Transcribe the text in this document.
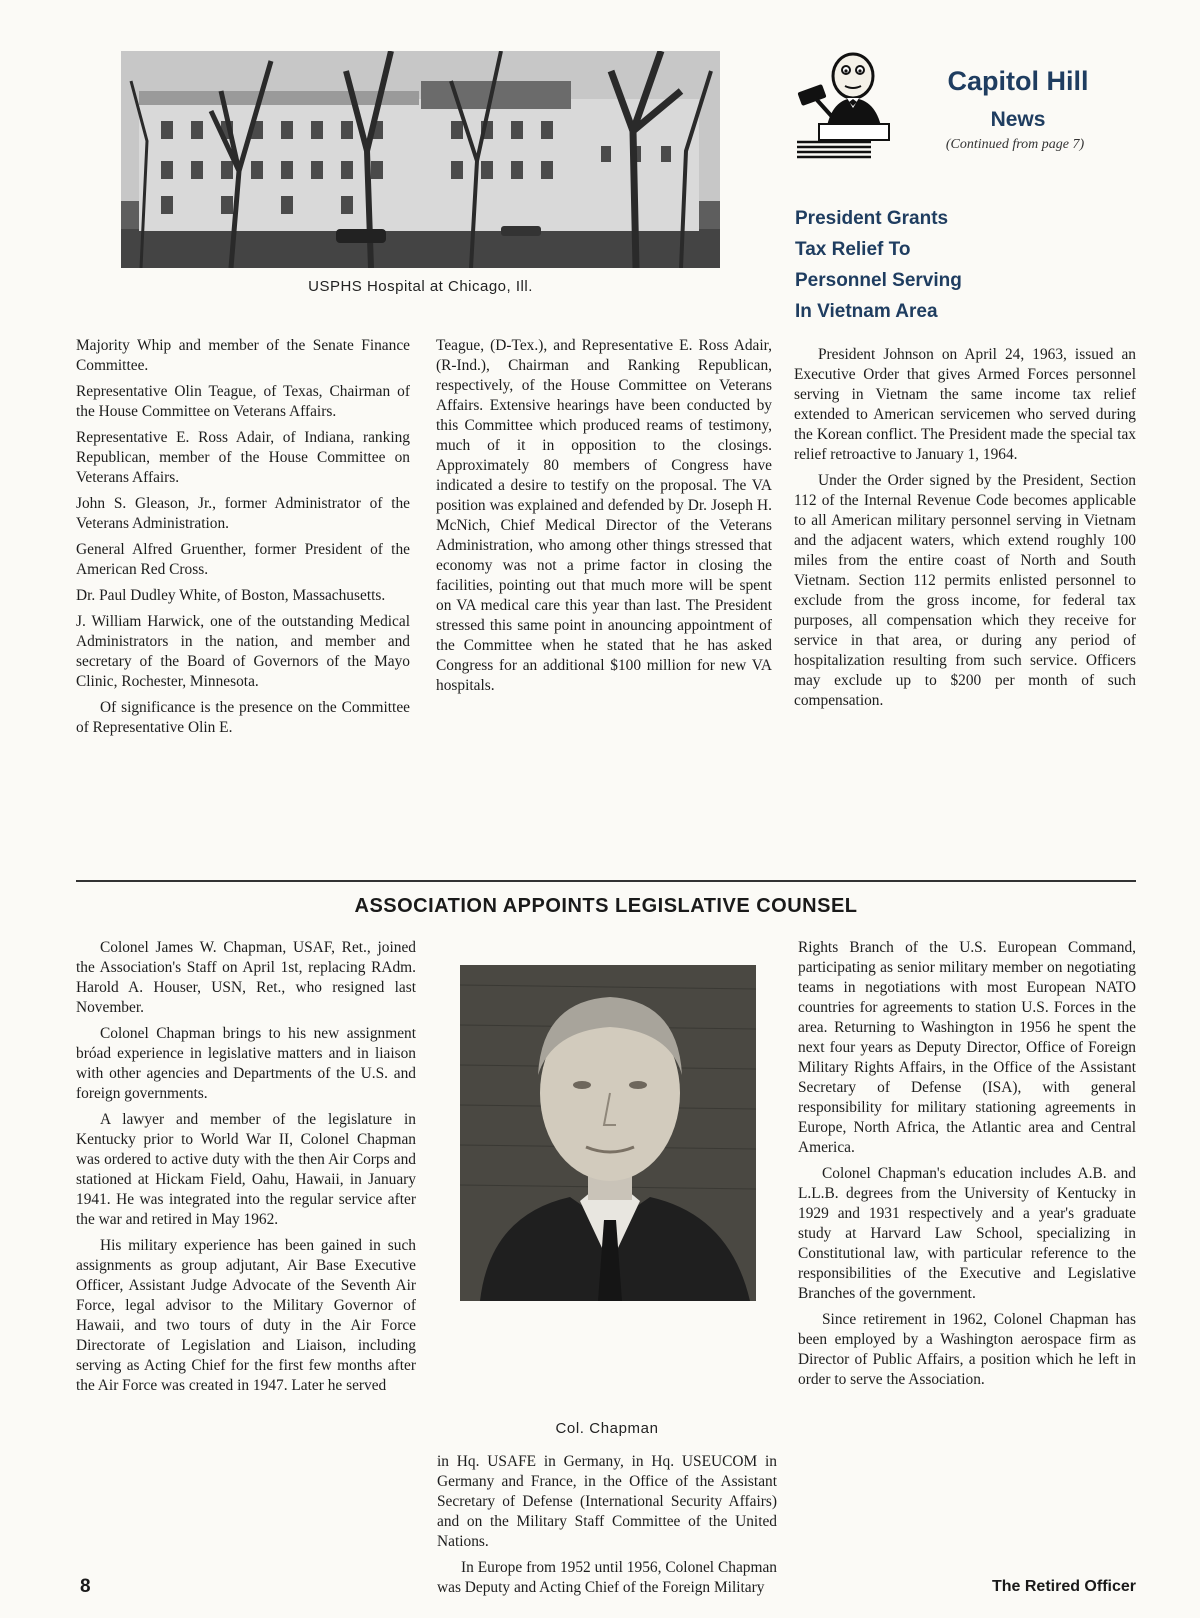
USPHS Hospital at Chicago, Ill.
Capitol Hill
News
(Continued from page 7)
President Grants
Tax Relief To
Personnel Serving
In Vietnam Area

Majority Whip and member of the Senate Finance Committee.

Representative Olin Teague, of Texas, Chairman of the House Committee on Veterans Affairs.

Representative E. Ross Adair, of Indiana, ranking Republican, member of the House Committee on Veterans Affairs.

John S. Gleason, Jr., former Administrator of the Veterans Administration.

General Alfred Gruenther, former President of the American Red Cross.

Dr. Paul Dudley White, of Boston, Massachusetts.

J. William Harwick, one of the outstanding Medical Administrators in the nation, and member and secretary of the Board of Governors of the Mayo Clinic, Rochester, Minnesota.

Of significance is the presence on the Committee of Representative Olin E.

Teague, (D-Tex.), and Representative E. Ross Adair, (R-Ind.), Chairman and Ranking Republican, respectively, of the House Committee on Veterans Affairs. Extensive hearings have been conducted by this Committee which produced reams of testimony, much of it in opposition to the closings. Approximately 80 members of Congress have indicated a desire to testify on the proposal. The VA position was explained and defended by Dr. Joseph H. McNich, Chief Medical Director of the Veterans Administration, who among other things stressed that economy was not a prime factor in closing the facilities, pointing out that much more will be spent on VA medical care this year than last. The President stressed this same point in anouncing appointment of the Committee when he stated that he has asked Congress for an additional $100 million for new VA hospitals.

President Johnson on April 24, 1963, issued an Executive Order that gives Armed Forces personnel serving in Vietnam the same income tax relief extended to American servicemen who served during the Korean conflict. The President made the special tax relief retroactive to January 1, 1964.

Under the Order signed by the President, Section 112 of the Internal Revenue Code becomes applicable to all American military personnel serving in Vietnam and the adjacent waters, which extend roughly 100 miles from the entire coast of North and South Vietnam. Section 112 permits enlisted personnel to exclude from the gross income, for federal tax purposes, all compensation which they receive for service in that area, or during any period of hospitalization resulting from such service. Officers may exclude up to $200 per month of such compensation.

ASSOCIATION APPOINTS LEGISLATIVE COUNSEL

Colonel James W. Chapman, USAF, Ret., joined the Association's Staff on April 1st, replacing RAdm. Harold A. Houser, USN, Ret., who resigned last November.

Colonel Chapman brings to his new assignment bróad experience in legislative matters and in liaison with other agencies and Departments of the U.S. and foreign governments.

A lawyer and member of the legislature in Kentucky prior to World War II, Colonel Chapman was ordered to active duty with the then Air Corps and stationed at Hickam Field, Oahu, Hawaii, in January 1941. He was integrated into the regular service after the war and retired in May 1962.

His military experience has been gained in such assignments as group adjutant, Air Base Executive Officer, Assistant Judge Advocate of the Seventh Air Force, legal advisor to the Military Governor of Hawaii, and two tours of duty in the Air Force Directorate of Legislation and Liaison, including serving as Acting Chief for the first few months after the Air Force was created in 1947. Later he served

Col. Chapman

in Hq. USAFE in Germany, in Hq. USEUCOM in Germany and France, in the Office of the Assistant Secretary of Defense (International Security Affairs) and on the Military Staff Committee of the United Nations.

In Europe from 1952 until 1956, Colonel Chapman was Deputy and Acting Chief of the Foreign Military

Rights Branch of the U.S. European Command, participating as senior military member on negotiating teams in negotiations with most European NATO countries for agreements to station U.S. Forces in the area. Returning to Washington in 1956 he spent the next four years as Deputy Director, Office of Foreign Military Rights Affairs, in the Office of the Assistant Secretary of Defense (ISA), with general responsibility for military stationing agreements in Europe, North Africa, the Atlantic area and Central America.

Colonel Chapman's education includes A.B. and L.L.B. degrees from the University of Kentucky in 1929 and 1931 respectively and a year's graduate study at Harvard Law School, specializing in Constitutional law, with particular reference to the responsibilities of the Executive and Legislative Branches of the government.

Since retirement in 1962, Colonel Chapman has been employed by a Washington aerospace firm as Director of Public Affairs, a position which he left in order to serve the Association.

8	The Retired Officer
